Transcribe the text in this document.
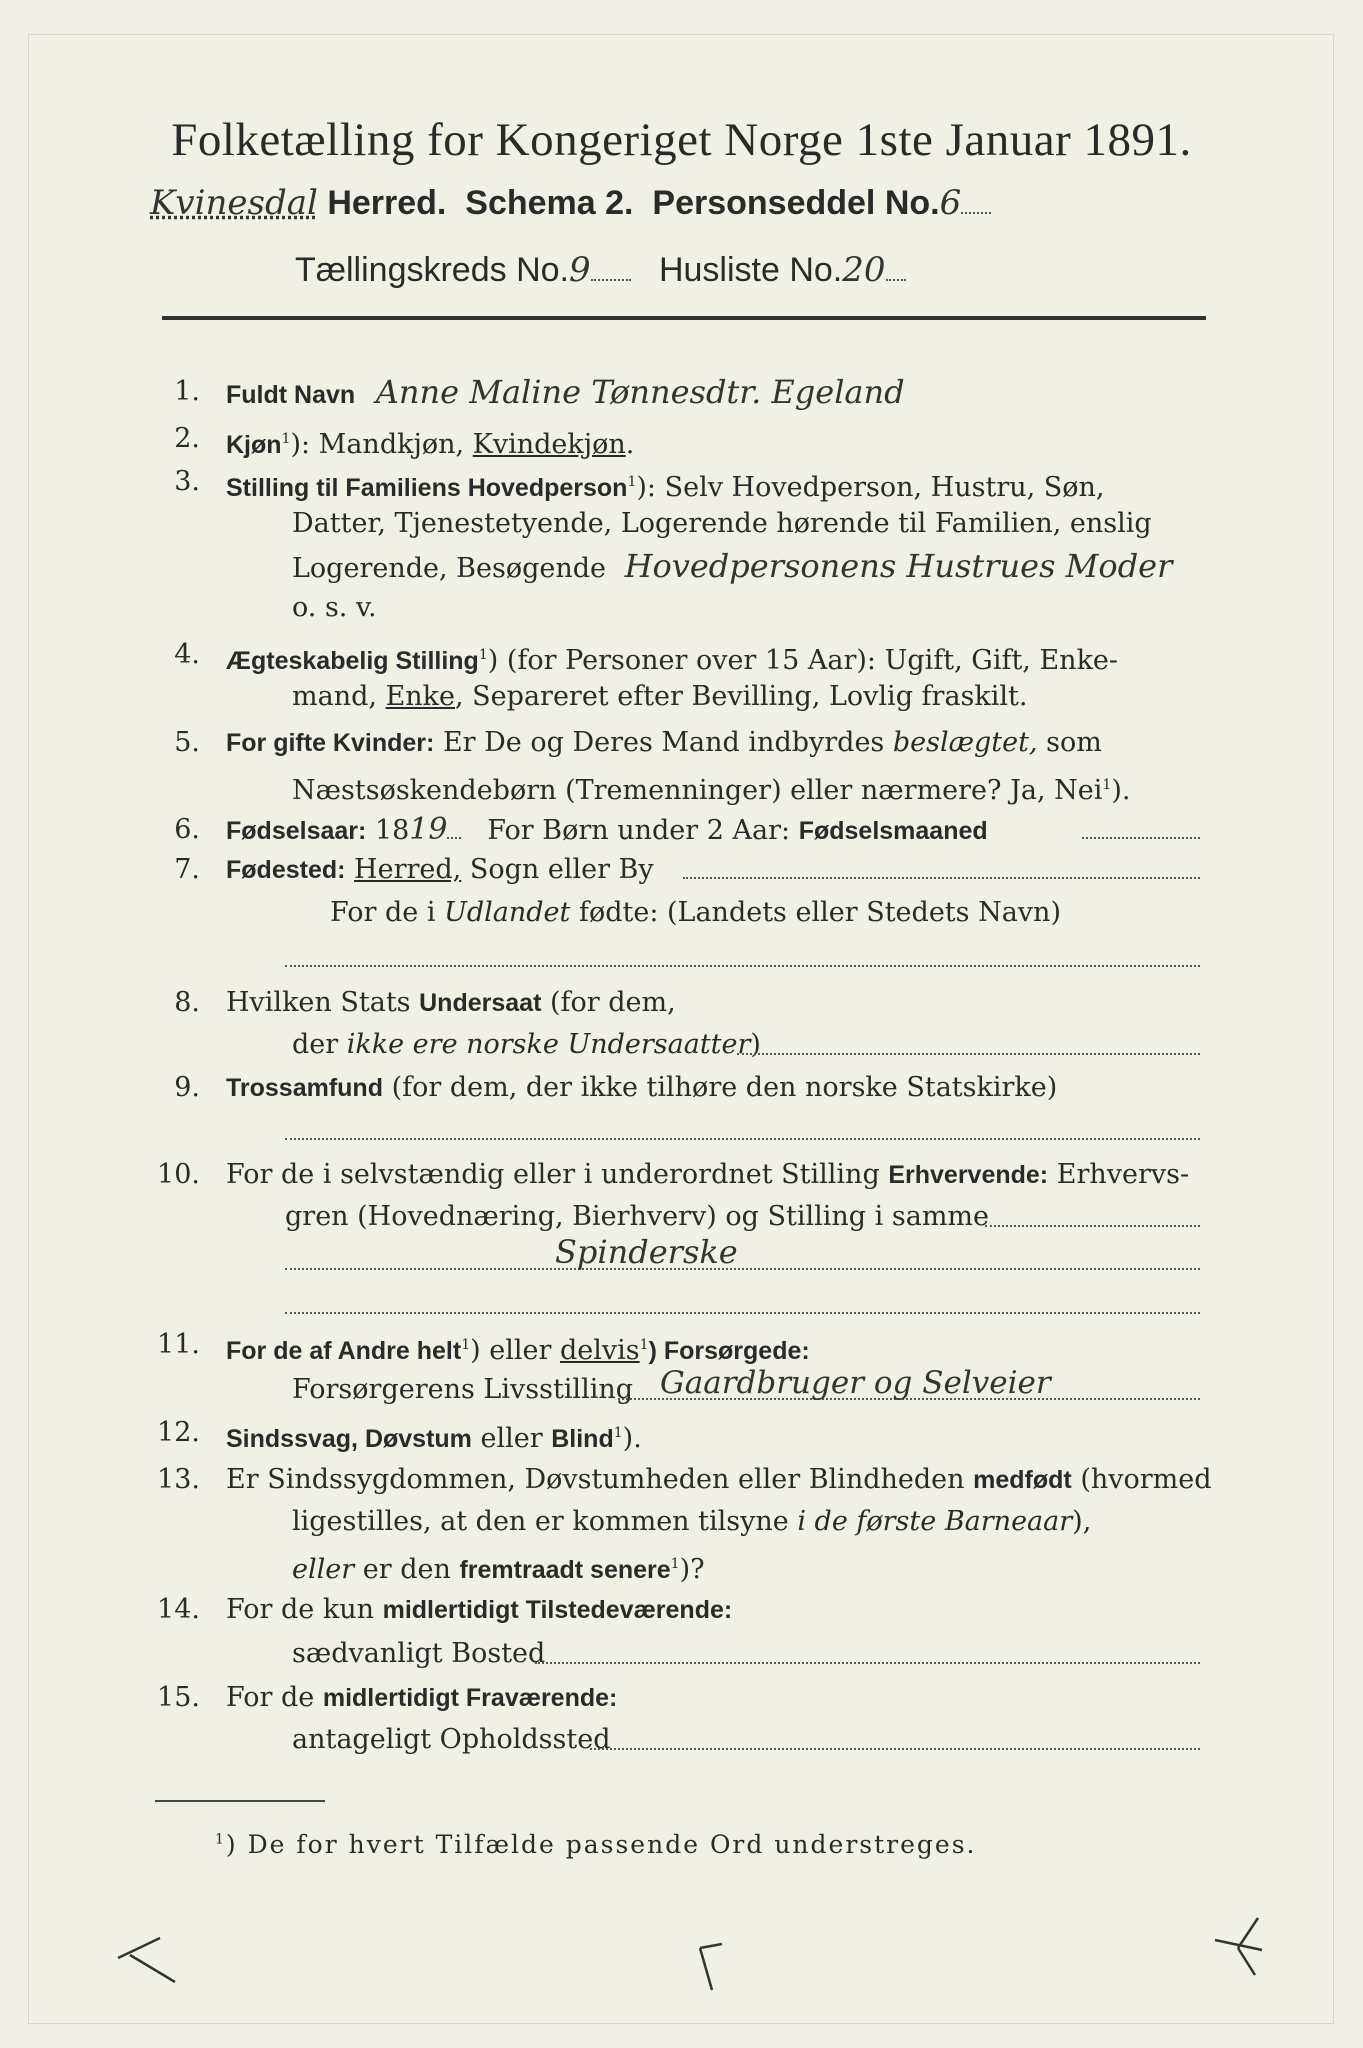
Folketælling for Kongeriget Norge 1ste Januar 1891.
Kvinesdal Herred. Schema 2. Personseddel No.6
Tællingskreds No.9 Husliste No.20
1. Fuldt Navn Anne Maline Tønnesdtr. Egeland
2. Kjøn$^1$): Mandkjøn, Kvindekjøn.
3. Stilling til Familiens Hovedperson$^1$): Selv Hovedperson, Hustru, Søn,
Datter, Tjenestetyende, Logerende hørende til Familien, enslig
Logerende, Besøgende Hovedpersonens Hustrues Moder
o. s. v.
4. Ægteskabelig Stilling$^1$) (for Personer over 15 Aar): Ugift, Gift, Enke-
mand, Enke, Separeret efter Bevilling, Lovlig fraskilt.
5. For gifte Kvinder: Er De og Deres Mand indbyrdes beslægtet, som
Næstsøskendebørn (Tremenninger) eller nærmere? Ja, Nei$^1$).
6. Fødselsaar: 1819 For Børn under 2 Aar: Fødselsmaaned
7. Fødested: Herred, Sogn eller By
For de i Udlandet fødte: (Landets eller Stedets Navn)
8. Hvilken Stats Undersaat (for dem,
der ikke ere norske Undersaatter)
9. Trossamfund (for dem, der ikke tilhøre den norske Statskirke)
10. For de i selvstændig eller i underordnet Stilling Erhvervende: Erhvervs-
gren (Hovednæring, Bierhverv) og Stilling i samme
Spinderske
11. For de af Andre helt$^1$) eller delvis$^1$) Forsørgede:
Forsørgerens Livsstilling Gaardbruger og Selveier
12. Sindssvag, Døvstum eller Blind$^1$).
13. Er Sindssygdommen, Døvstumheden eller Blindheden medfødt (hvormed
ligestilles, at den er kommen tilsyne i de første Barneaar),
eller er den fremtraadt senere$^1$)?
14. For de kun midlertidigt Tilstedeværende:
sædvanligt Bosted
15. For de midlertidigt Fraværende:
antageligt Opholdssted
$^1$) De for hvert Tilfælde passende Ord understreges.
